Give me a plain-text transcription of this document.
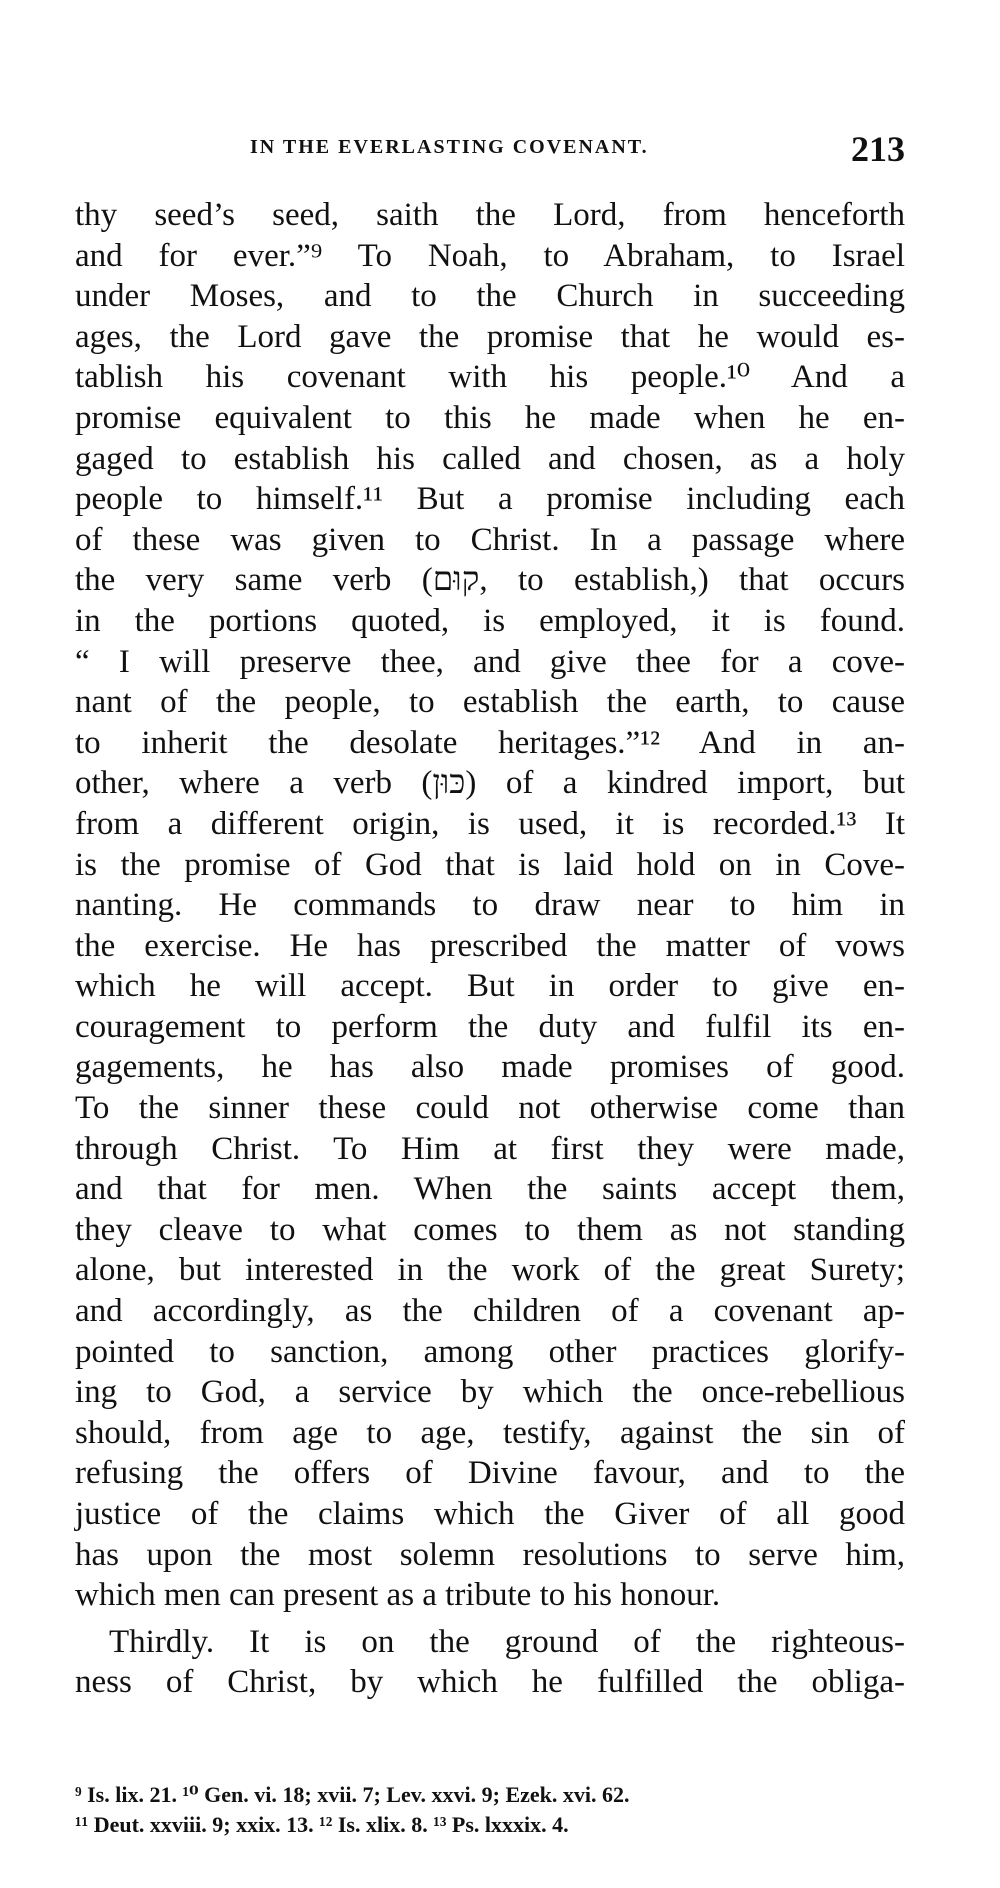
IN THE EVERLASTING COVENANT.	213
thy seed’s seed, saith the Lord, from henceforth
and for ever.”⁹ To Noah, to Abraham, to Israel
under Moses, and to the Church in succeeding
ages, the Lord gave the promise that he would es-
tablish his covenant with his people.¹⁰ And a
promise equivalent to this he made when he en-
gaged to establish his called and chosen, as a holy
people to himself.¹¹ But a promise including each
of these was given to Christ. In a passage where
the very same verb (קוּם, to establish,) that occurs
in the portions quoted, is employed, it is found.
“ I will preserve thee, and give thee for a cove-
nant of the people, to establish the earth, to cause
to inherit the desolate heritages.”¹² And in an-
other, where a verb (כּוּן) of a kindred import, but
from a different origin, is used, it is recorded.¹³ It
is the promise of God that is laid hold on in Cove-
nanting. He commands to draw near to him in
the exercise. He has prescribed the matter of vows
which he will accept. But in order to give en-
couragement to perform the duty and fulfil its en-
gagements, he has also made promises of good.
To the sinner these could not otherwise come than
through Christ. To Him at first they were made,
and that for men. When the saints accept them,
they cleave to what comes to them as not standing
alone, but interested in the work of the great Surety;
and accordingly, as the children of a covenant ap-
pointed to sanction, among other practices glorify-
ing to God, a service by which the once-rebellious
should, from age to age, testify, against the sin of
refusing the offers of Divine favour, and to the
justice of the claims which the Giver of all good
has upon the most solemn resolutions to serve him,
which men can present as a tribute to his honour.
Thirdly. It is on the ground of the righteous-
ness of Christ, by which he fulfilled the obliga-
⁹ Is. lix. 21. ¹⁰ Gen. vi. 18; xvii. 7; Lev. xxvi. 9; Ezek. xvi. 62.
¹¹ Deut. xxviii. 9; xxix. 13. ¹² Is. xlix. 8. ¹³ Ps. lxxxix. 4.
